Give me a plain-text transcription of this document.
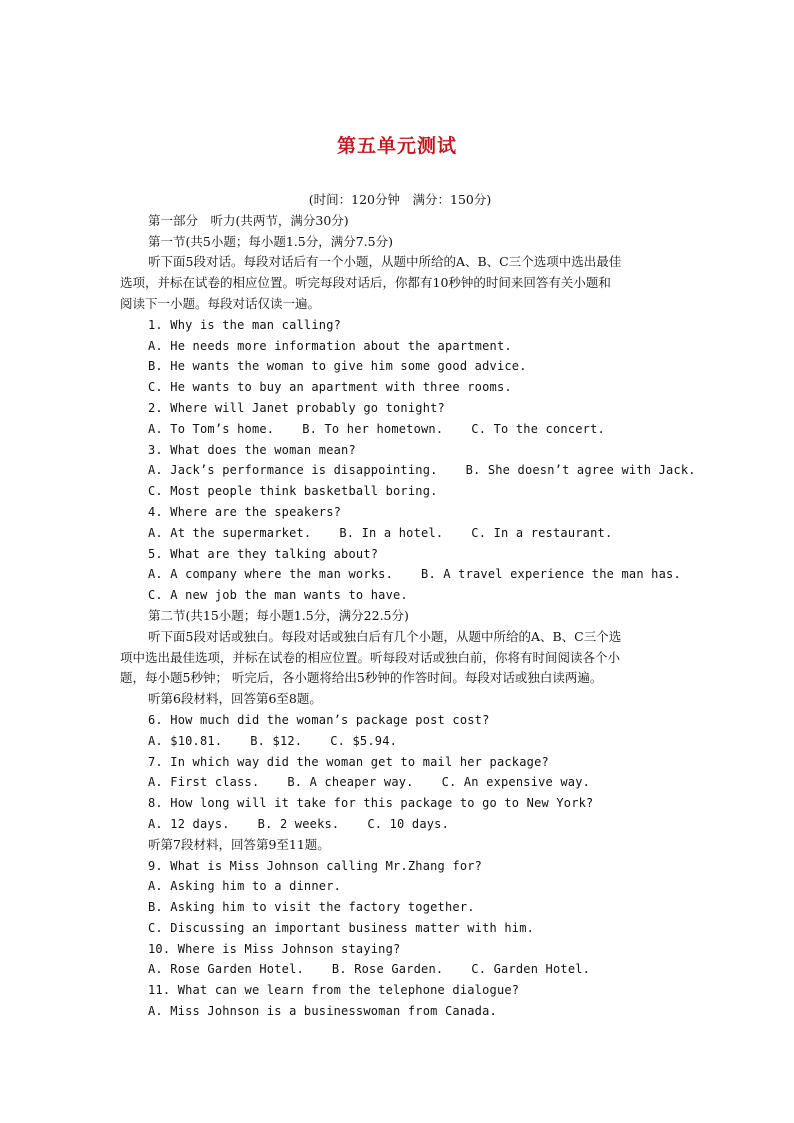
第五单元测试
(时间：120分钟　满分：150分)
第一部分　听力(共两节，满分30分)
第一节(共5小题；每小题1.5分，满分7.5分)
听下面5段对话。每段对话后有一个小题，从题中所给的A、B、C三个选项中选出最佳
选项，并标在试卷的相应位置。听完每段对话后，你都有10秒钟的时间来回答有关小题和
阅读下一小题。每段对话仅读一遍。
1. Why is the man calling?
A. He needs more information about the apartment.
B. He wants the woman to give him some good advice.
C. He wants to buy an apartment with three rooms.
2. Where will Janet probably go tonight?
A. To Tom’s home. B. To her hometown. C. To the concert.
3. What does the woman mean?
A. Jack’s performance is disappointing. B. She doesn’t agree with Jack.
C. Most people think basketball boring.
4. Where are the speakers?
A. At the supermarket. B. In a hotel. C. In a restaurant.
5. What are they talking about?
A. A company where the man works. B. A travel experience the man has.
C. A new job the man wants to have.
第二节(共15小题；每小题1.5分，满分22.5分)
听下面5段对话或独白。每段对话或独白后有几个小题，从题中所给的A、B、C三个选
项中选出最佳选项，并标在试卷的相应位置。听每段对话或独白前，你将有时间阅读各个小
题，每小题5秒钟； 听完后，各小题将给出5秒钟的作答时间。每段对话或独白读两遍。
听第6段材料，回答第6至8题。
6. How much did the woman’s package post cost?
A. $10.81. B. $12. C. $5.94.
7. In which way did the woman get to mail her package?
A. First class. B. A cheaper way. C. An expensive way.
8. How long will it take for this package to go to New York?
A. 12 days. B. 2 weeks. C. 10 days.
听第7段材料，回答第9至11题。
9. What is Miss Johnson calling Mr.Zhang for?
A. Asking him to a dinner.
B. Asking him to visit the factory together.
C. Discussing an important business matter with him.
10. Where is Miss Johnson staying?
A. Rose Garden Hotel. B. Rose Garden. C. Garden Hotel.
11. What can we learn from the telephone dialogue?
A. Miss Johnson is a businesswoman from Canada.
